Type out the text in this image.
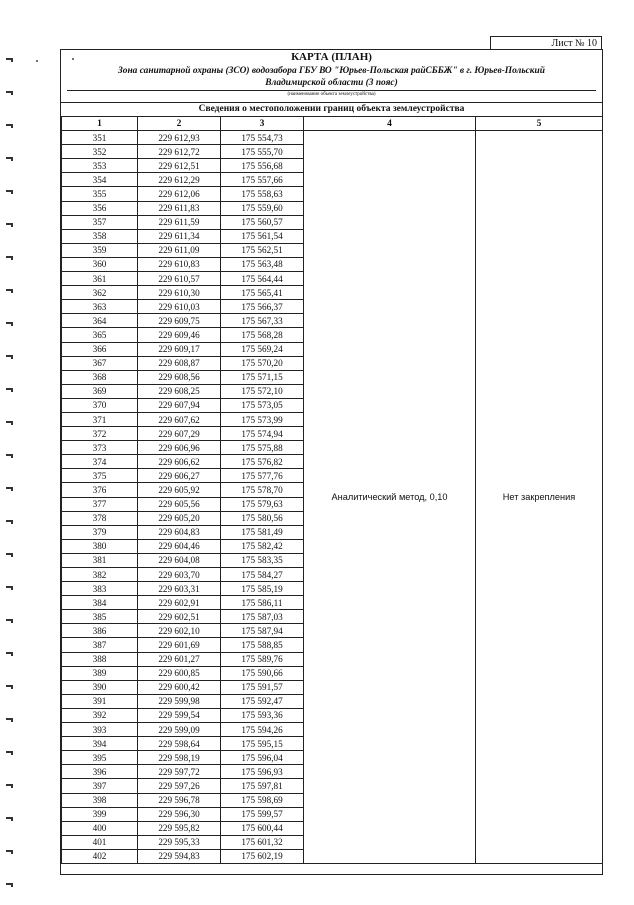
Лист № 10
КАРТА (ПЛАН)
Зона санитарной охраны (ЗСО) водозабора ГБУ ВО "Юрьев-Польская райСББЖ" в г. Юрьев-Польский
Владимирской области (3 пояс)
(наименование объекта землеустройства)
Сведения о местоположении границ объекта землеустройства
1	2	3	4	5
351	229 612,93	175 554,73	Аналитический метод, 0,10	Нет закрепления
352	229 612,72	175 555,70		
353	229 612,51	175 556,68		
354	229 612,29	175 557,66		
355	229 612,06	175 558,63		
356	229 611,83	175 559,60		
357	229 611,59	175 560,57		
358	229 611,34	175 561,54		
359	229 611,09	175 562,51		
360	229 610,83	175 563,48		
361	229 610,57	175 564,44		
362	229 610,30	175 565,41		
363	229 610,03	175 566,37		
364	229 609,75	175 567,33		
365	229 609,46	175 568,28		
366	229 609,17	175 569,24		
367	229 608,87	175 570,20		
368	229 608,56	175 571,15		
369	229 608,25	175 572,10		
370	229 607,94	175 573,05		
371	229 607,62	175 573,99		
372	229 607,29	175 574,94		
373	229 606,96	175 575,88		
374	229 606,62	175 576,82		
375	229 606,27	175 577,76		
376	229 605,92	175 578,70		
377	229 605,56	175 579,63		
378	229 605,20	175 580,56		
379	229 604,83	175 581,49		
380	229 604,46	175 582,42		
381	229 604,08	175 583,35		
382	229 603,70	175 584,27		
383	229 603,31	175 585,19		
384	229 602,91	175 586,11		
385	229 602,51	175 587,03		
386	229 602,10	175 587,94		
387	229 601,69	175 588,85		
388	229 601,27	175 589,76		
389	229 600,85	175 590,66		
390	229 600,42	175 591,57		
391	229 599,98	175 592,47		
392	229 599,54	175 593,36		
393	229 599,09	175 594,26		
394	229 598,64	175 595,15		
395	229 598,19	175 596,04		
396	229 597,72	175 596,93		
397	229 597,26	175 597,81		
398	229 596,78	175 598,69		
399	229 596,30	175 599,57		
400	229 595,82	175 600,44		
401	229 595,33	175 601,32		
402	229 594,83	175 602,19		
